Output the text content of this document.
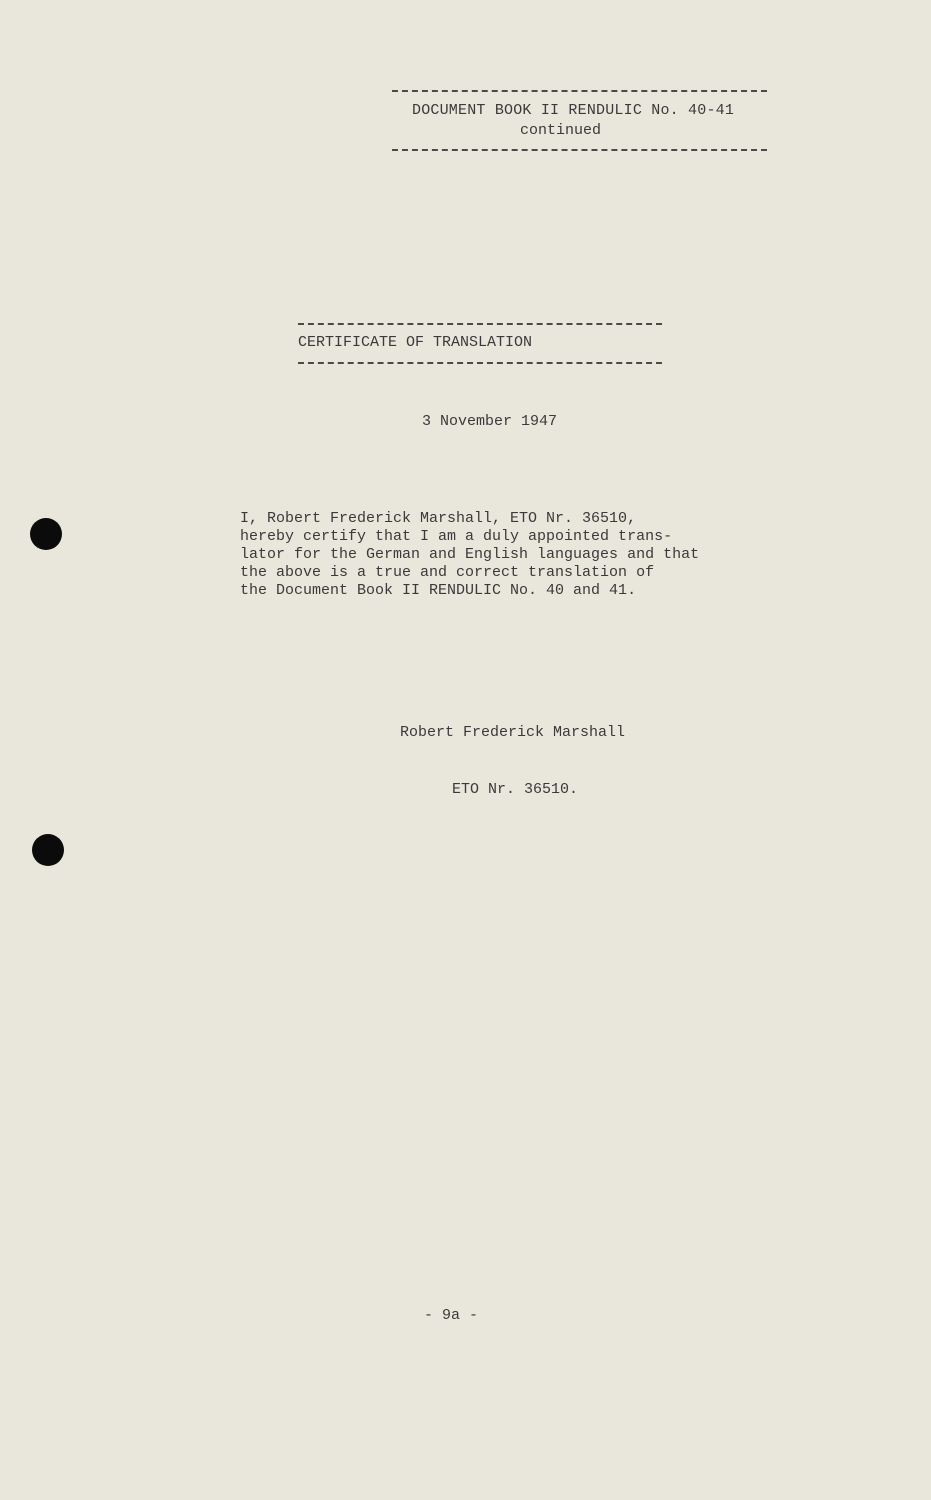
DOCUMENT BOOK II RENDULIC No. 40-41
continued
CERTIFICATE OF TRANSLATION
3 November 1947
I, Robert Frederick Marshall, ETO Nr. 36510,
hereby certify that I am a duly appointed trans-
lator for the German and English languages and that
the above is a true and correct translation of
the Document Book II RENDULIC No. 40 and 41.
Robert Frederick Marshall
ETO Nr. 36510.
- 9a -
